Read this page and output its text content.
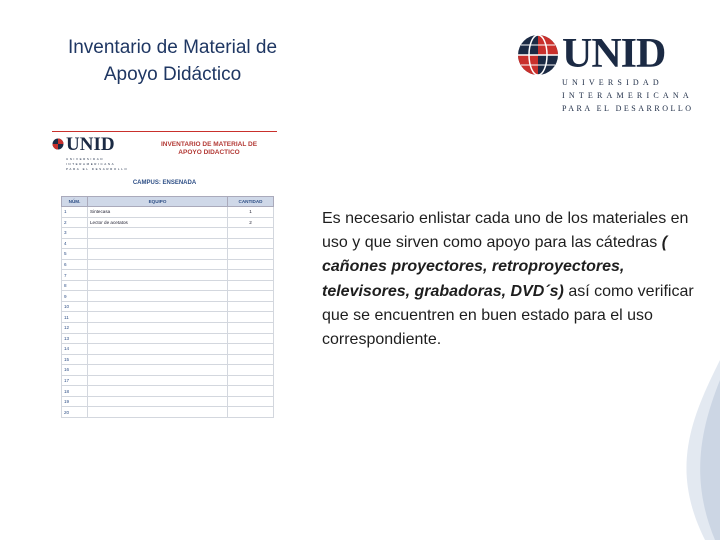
Inventario de Material de
Apoyo Didáctico	UNID
UNIVERSIDAD
INTERAMERICANA
PARA EL DESARROLLO
UNID
UNIVERSIDAD
INTERAMERICANA
PARA EL DESARROLLO
INVENTARIO DE MATERIAL DE APOYO DIDACTICO
CAMPUS: ENSENADA
NÚM.	EQUIPO	CANTIDAD
1	Sintecasa	1
2	Lector de acetatos	2
3		
4		
5		
6		
7		
8		
9		
10		
11		
12		
13		
14		
15		
16		
17		
18		
19		
20		
Es necesario enlistar cada uno de los materiales en uso y que sirven como apoyo para las cátedras ( cañones proyectores, retroproyectores, televisores, grabadoras, DVD´s) así como verificar que se encuentren en buen estado para el uso correspondiente.
